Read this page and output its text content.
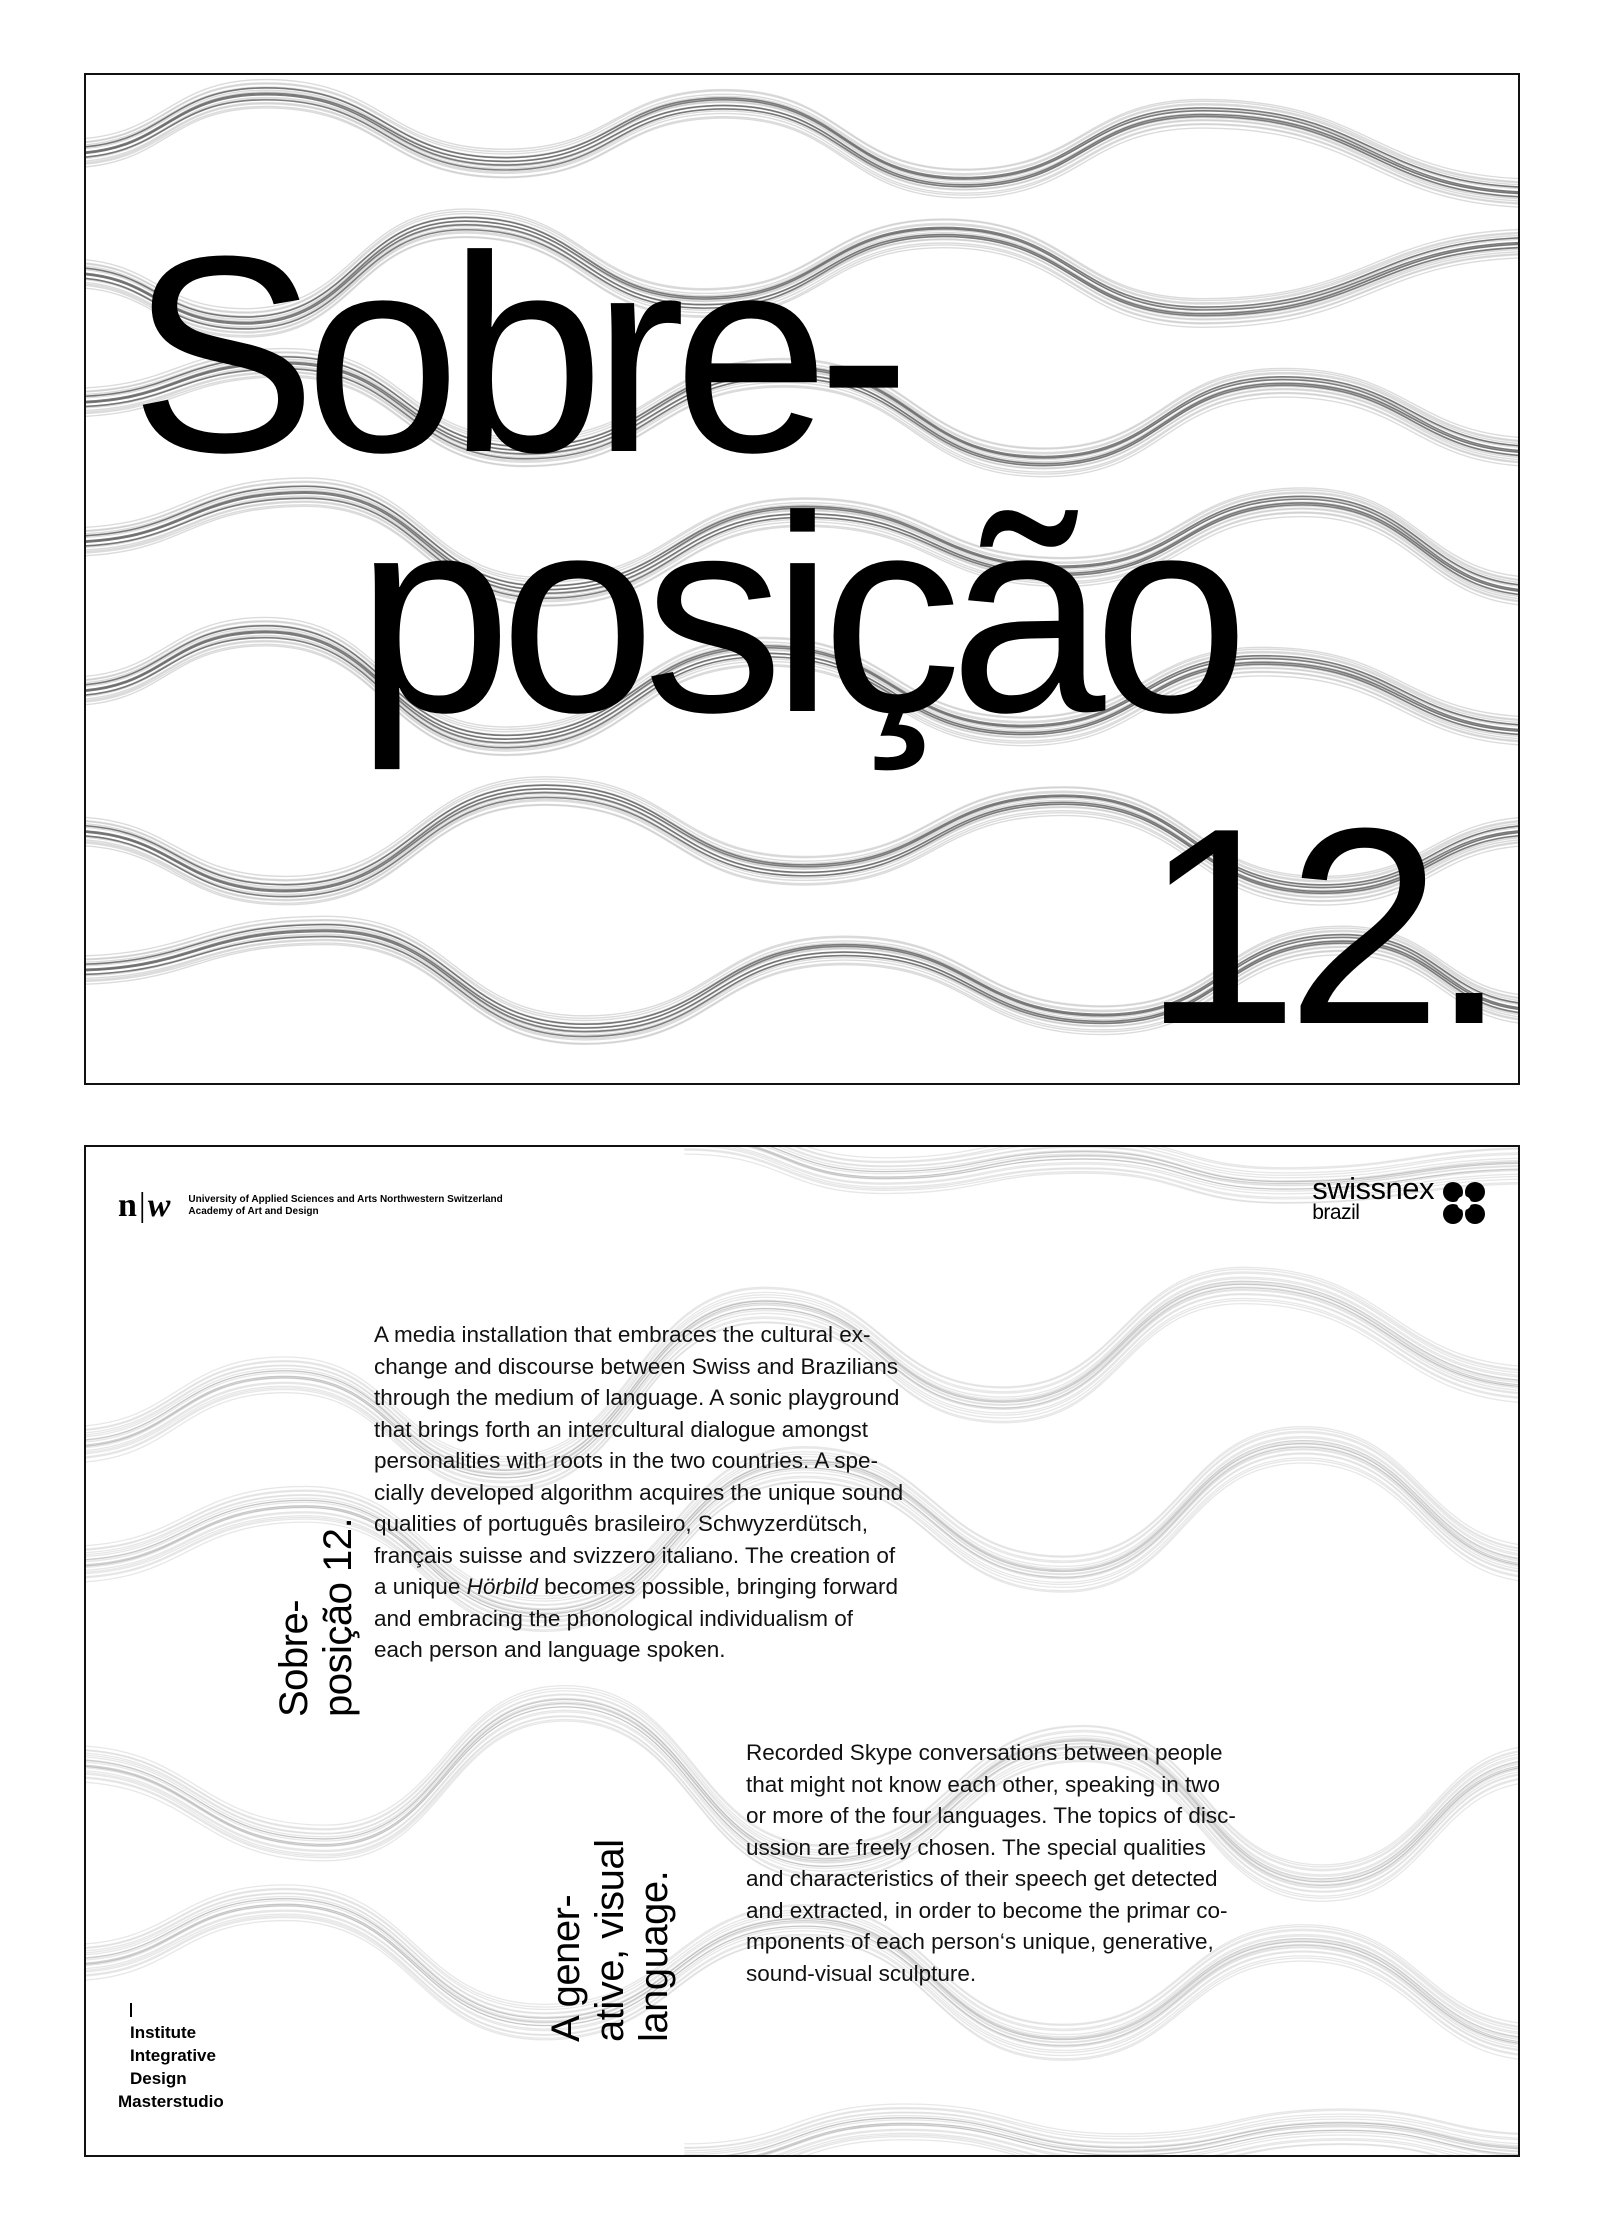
Sobre-
posição
12.
n|w University of Applied Sciences and Arts Northwestern Switzerland
Academy of Art and Design
swissnex
brazil
Sobre- posição 12.
A media installation that embraces the cultural ex-
change and discourse between Swiss and Brazilians
through the medium of language. A sonic playground
that brings forth an intercultural dialogue amongst
personalities with roots in the two countries. A spe-
cially developed algorithm acquires the unique sound
qualities of português brasileiro, Schwyzerdütsch,
français suisse and svizzero italiano. The creation of
a unique Hörbild becomes possible, bringing forward
and embracing the phonological individualism of
each person and language spoken.
A gener- ative, visual language.
Recorded Skype conversations between people
that might not know each other, speaking in two
or more of the four languages. The topics of disc-
ussion are freely chosen. The special qualities
and characteristics of their speech get detected
and extracted, in order to become the primar co-
mponents of each person‘s unique, generative,
sound-visual sculpture.
Institute
Integrative
Design
Masterstudio
